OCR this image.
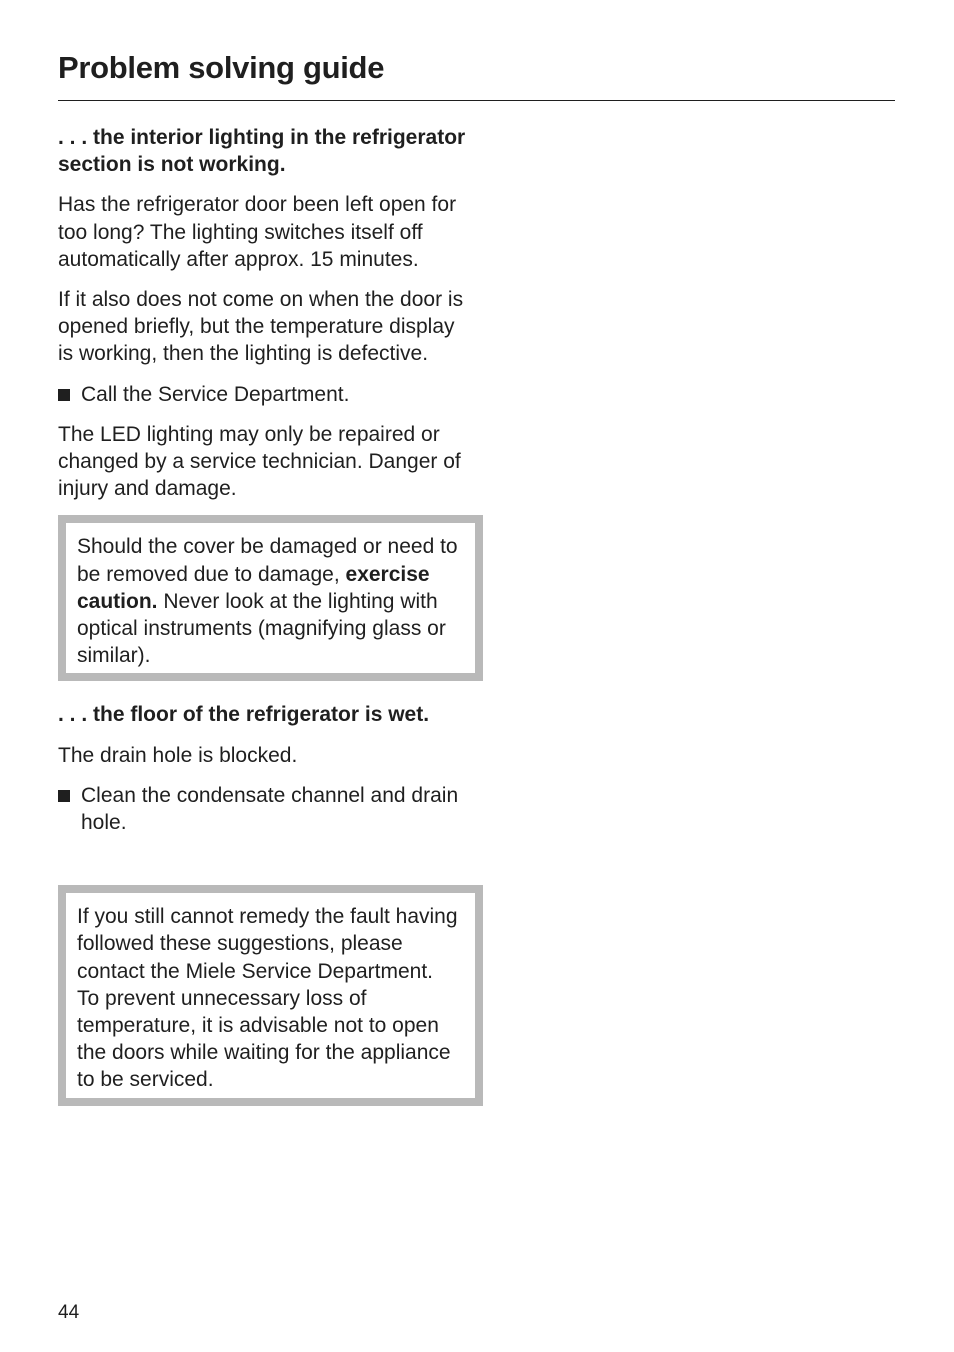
Problem solving guide
. . . the interior lighting in the refrigerator section is not working.

Has the refrigerator door been left open for too long? The lighting switches itself off automatically after approx. 15 minutes.

If it also does not come on when the door is opened briefly, but the temperature display is working, then the lighting is defective.

Call the Service Department.

The LED lighting may only be repaired or changed by a service technician. Danger of injury and damage.

Should the cover be damaged or need to be removed due to damage, exercise caution. Never look at the lighting with optical instruments (magnifying glass or similar).

. . . the floor of the refrigerator is wet.

The drain hole is blocked.

Clean the condensate channel and drain hole.

If you still cannot remedy the fault having followed these suggestions, please contact the Miele Service Department.

To prevent unnecessary loss of temperature, it is advisable not to open the doors while waiting for the appliance to be serviced.

44
